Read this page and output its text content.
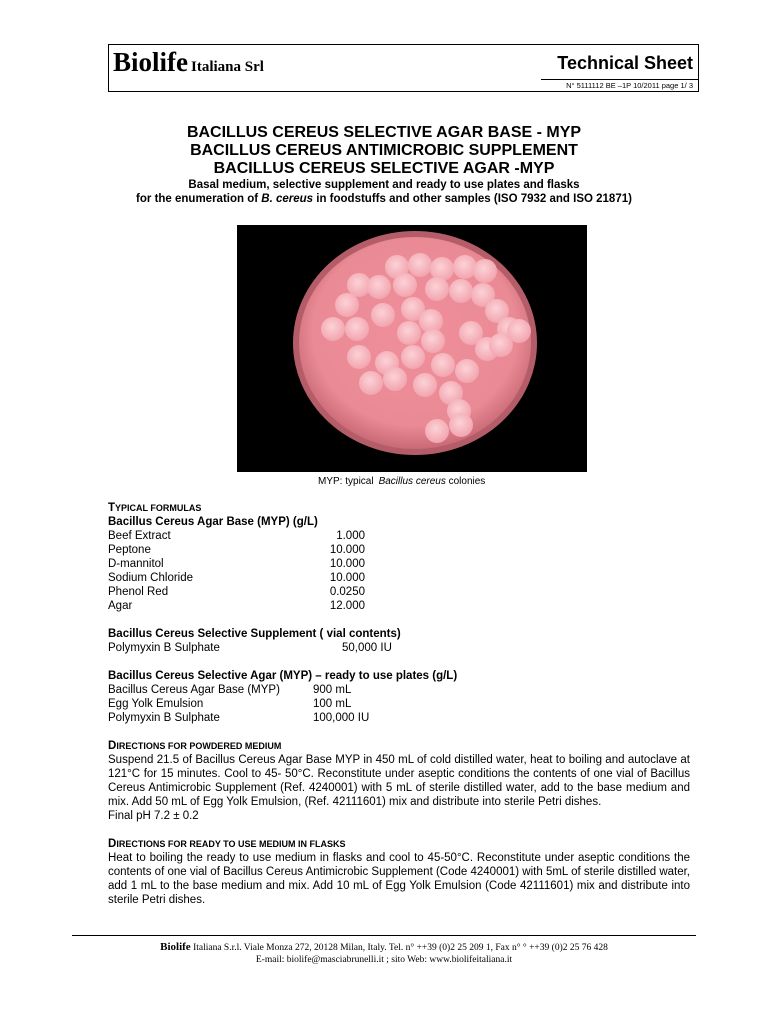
Biolife Italiana Srl	Technical Sheet
N° 5111112 BE –1P 10/2011 page 1/ 3
BACILLUS CEREUS SELECTIVE AGAR BASE - MYP
BACILLUS CEREUS ANTIMICROBIC SUPPLEMENT
BACILLUS CEREUS SELECTIVE AGAR -MYP
Basal medium, selective supplement and ready to use plates and flasks
for the enumeration of B. cereus in foodstuffs and other samples (ISO 7932 and ISO 21871)
MYP: typical Bacillus cereus colonies
TYPICAL FORMULAS
Bacillus Cereus Agar Base (MYP) (g/L)
Beef Extract	1.000
Peptone	10.000
D-mannitol	10.000
Sodium Chloride	10.000
Phenol Red	0.0250
Agar	12.000
Bacillus Cereus Selective Supplement ( vial contents)
Polymyxin B Sulphate	50,000 IU
Bacillus Cereus Selective Agar (MYP) – ready to use plates (g/L)
Bacillus Cereus Agar Base (MYP)	900 mL
Egg Yolk Emulsion	100 mL
Polymyxin B Sulphate	100,000 IU
DIRECTIONS FOR POWDERED MEDIUM
Suspend 21.5 of Bacillus Cereus Agar Base MYP in 450 mL of cold distilled water, heat to boiling and autoclave at 121°C for 15 minutes. Cool to 45- 50°C. Reconstitute under aseptic conditions the contents of one vial of Bacillus Cereus Antimicrobic Supplement (Ref. 4240001) with 5 mL of sterile distilled water, add to the base medium and mix. Add 50 mL of Egg Yolk Emulsion, (Ref. 42111601) mix and distribute into sterile Petri dishes.
Final pH 7.2 ± 0.2
DIRECTIONS FOR READY TO USE MEDIUM IN FLASKS
Heat to boiling the ready to use medium in flasks and cool to 45-50°C. Reconstitute under aseptic conditions the contents of one vial of Bacillus Cereus Antimicrobic Supplement (Code 4240001) with 5mL of sterile distilled water, add 1 mL to the base medium and mix. Add 10 mL of Egg Yolk Emulsion (Code 42111601) mix and distribute into sterile Petri dishes.
Biolife Italiana S.r.l. Viale Monza 272, 20128 Milan, Italy. Tel. n° ++39 (0)2 25 209 1, Fax n° ° ++39 (0)2 25 76 428
E-mail: biolife@masciabrunelli.it ; sito Web: www.biolifeitaliana.it
